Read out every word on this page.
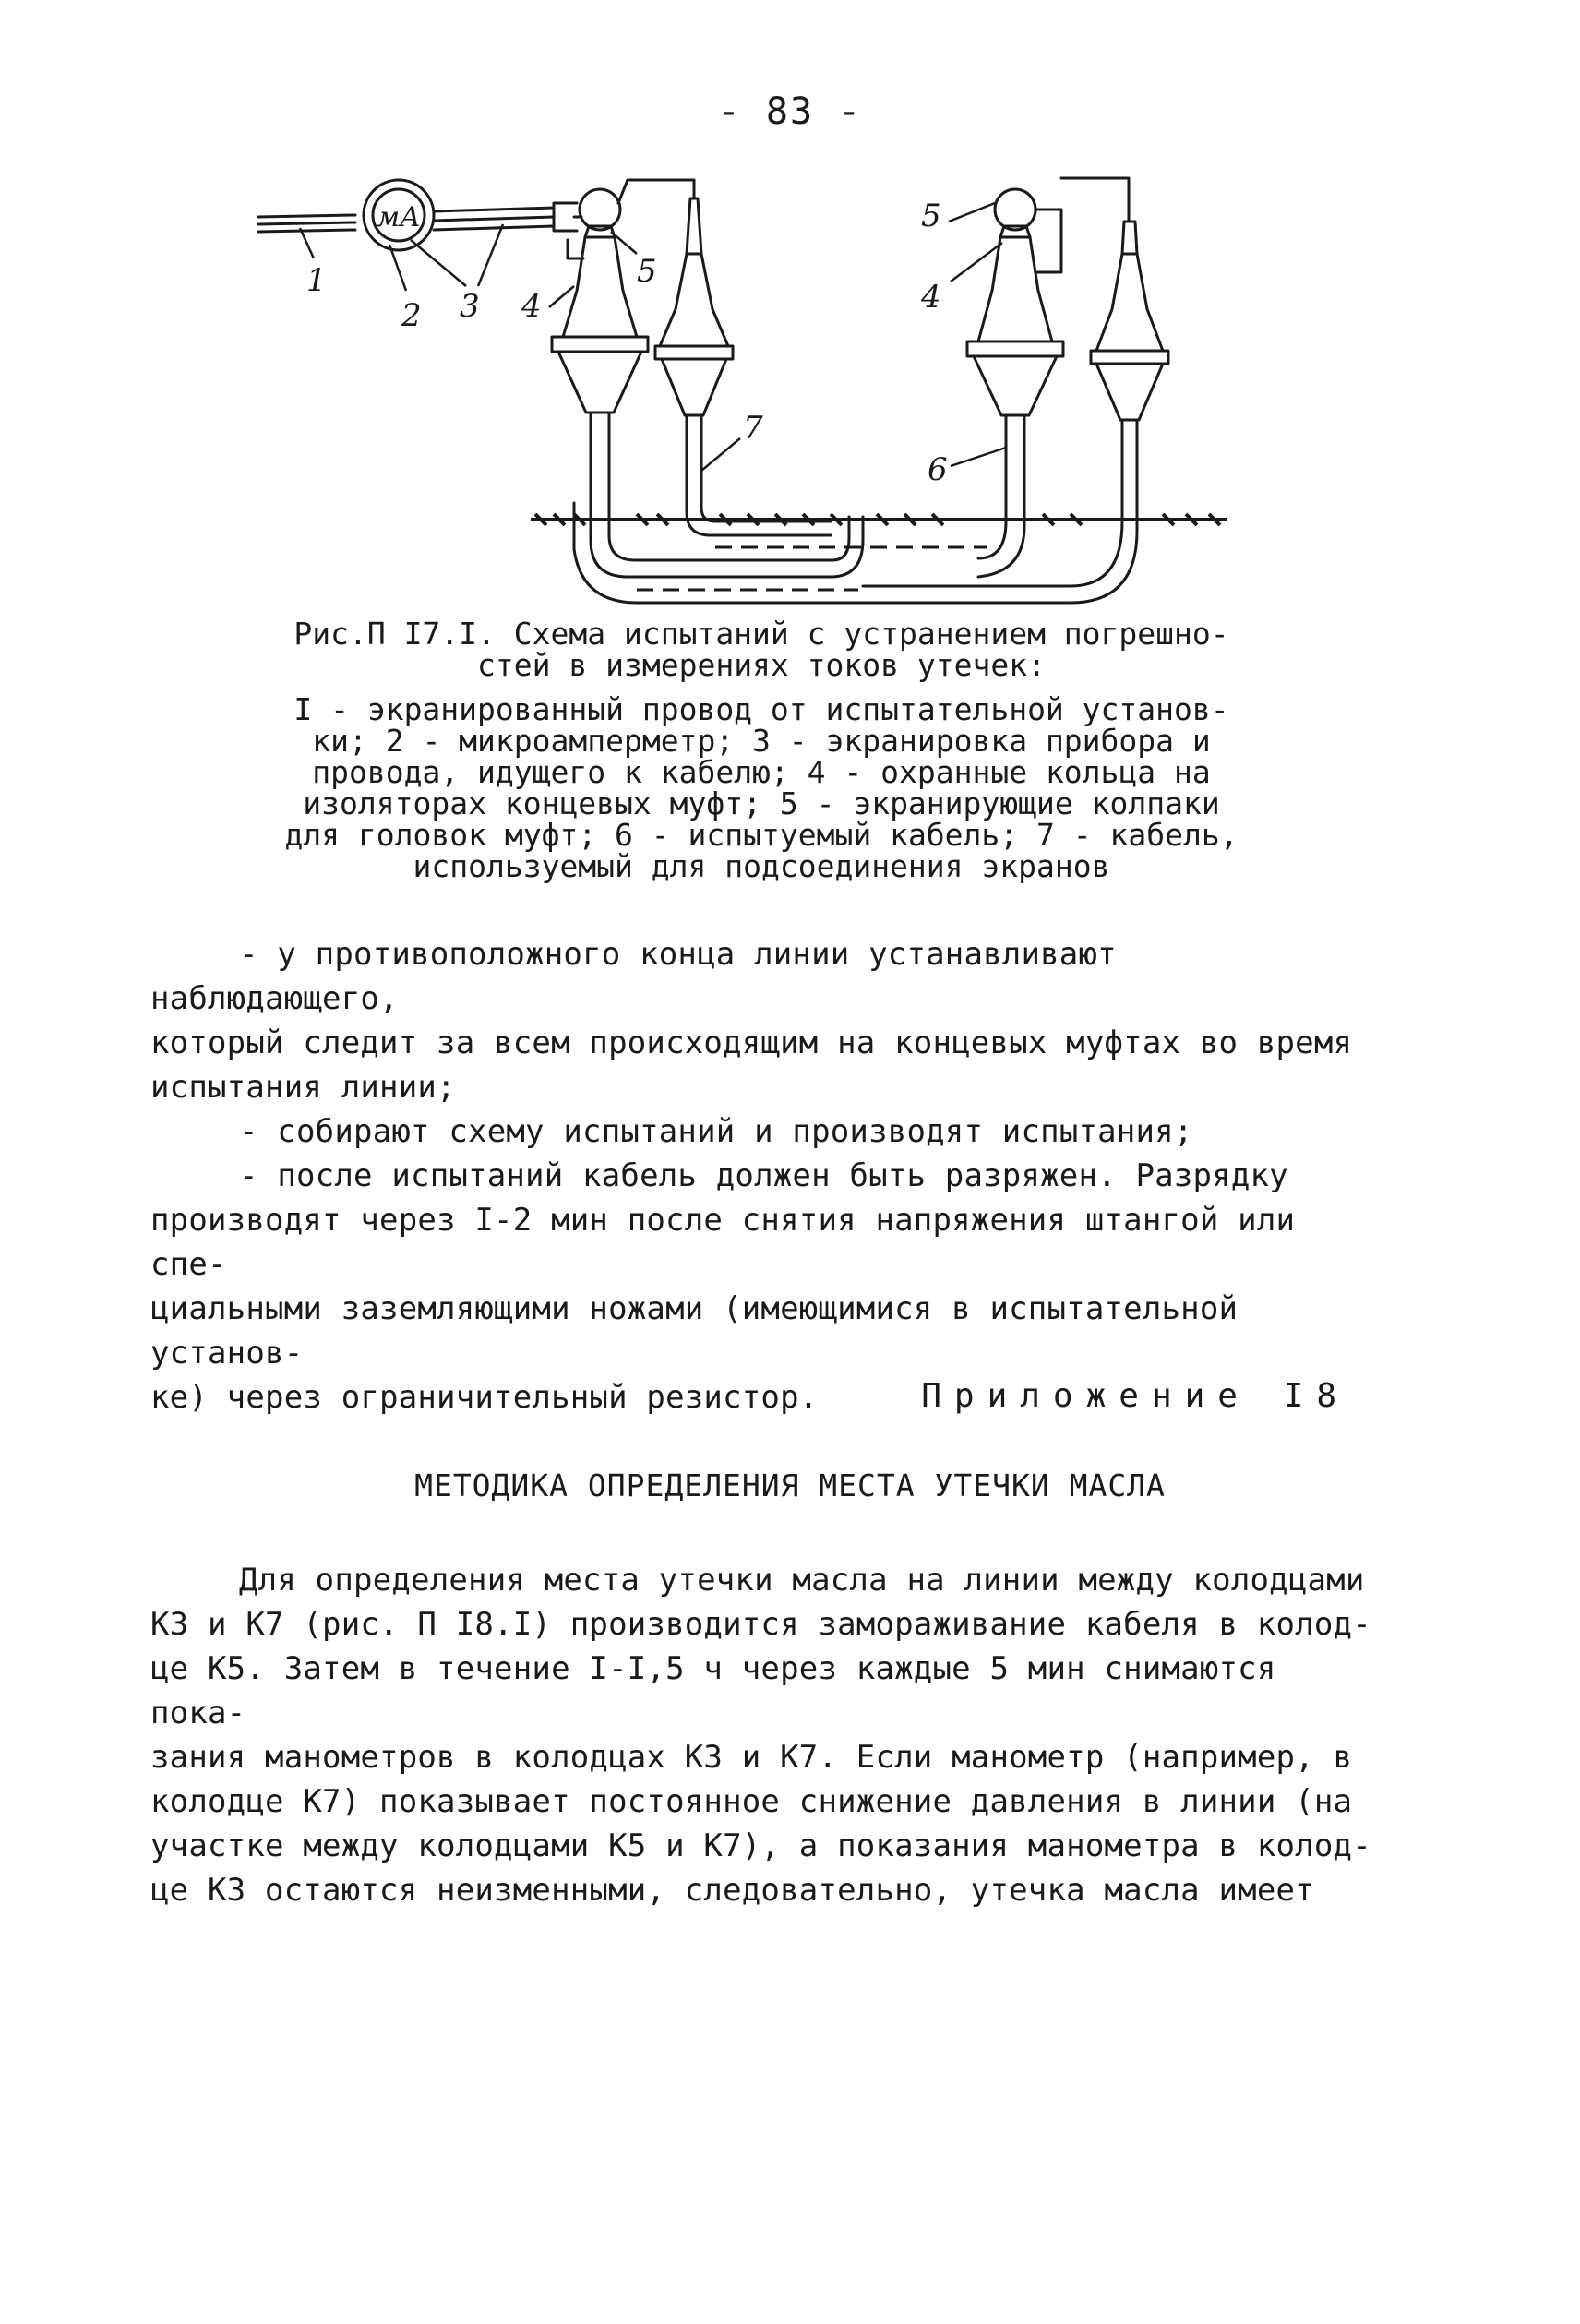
- 83 -
мА
1
2 3 4
5
5
4
7
6

Рис.П I7.I. Схема испытаний с устранением погрешно-
стей в измерениях токов утечек:

I - экранированный провод от испытательной установ-
ки; 2 - микроамперметр; 3 - экранировка прибора и
провода, идущего к кабелю; 4 - охранные кольца на
изоляторах концевых муфт; 5 - экранирующие колпаки
для головок муфт; 6 - испытуемый кабель; 7 - кабель,
используемый для подсоединения экранов

- у противоположного конца линии устанавливают наблюдающего,
который следит за всем происходящим на концевых муфтах во время
испытания линии;

- собирают схему испытаний и производят испытания;

- после испытаний кабель должен быть разряжен. Разрядку
производят через I-2 мин после снятия напряжения штангой или спе-
циальными заземляющими ножами (имеющимися в испытательной установ-
ке) через ограничительный резистор.	Приложение I8
МЕТОДИКА ОПРЕДЕЛЕНИЯ МЕСТА УТЕЧКИ МАСЛА

Для определения места утечки масла на линии между колодцами
К3 и К7 (рис. П I8.I) производится замораживание кабеля в колод-
це К5. Затем в течение I-I,5 ч через каждые 5 мин снимаются пока-
зания манометров в колодцах К3 и К7. Если манометр (например, в
колодце К7) показывает постоянное снижение давления в линии (на
участке между колодцами К5 и К7), а показания манометра в колод-
це К3 остаются неизменными, следовательно, утечка масла имеет
